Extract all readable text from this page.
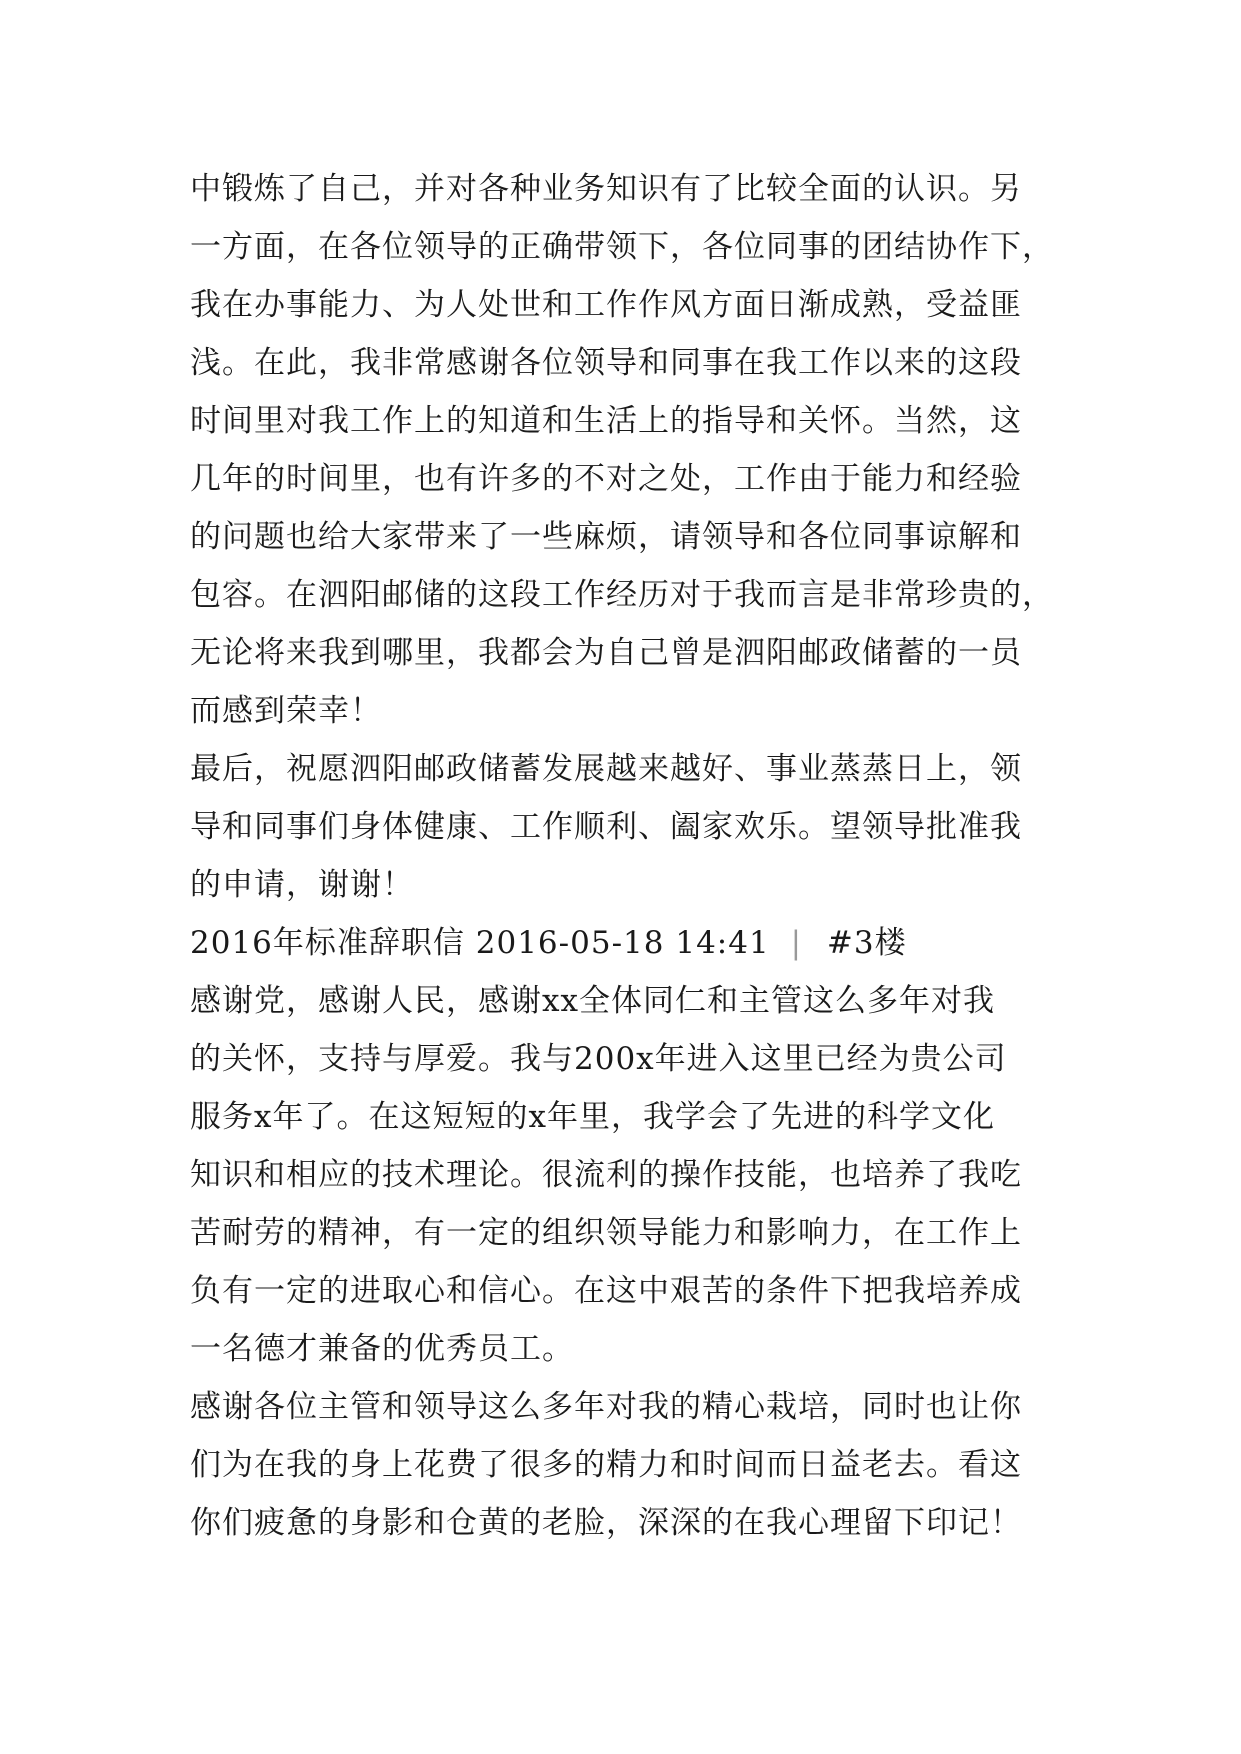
中锻炼了自己，并对各种业务知识有了比较全面的认识。另
一方面，在各位领导的正确带领下，各位同事的团结协作下，
我在办事能力、为人处世和工作作风方面日渐成熟，受益匪
浅。在此，我非常感谢各位领导和同事在我工作以来的这段
时间里对我工作上的知道和生活上的指导和关怀。当然，这
几年的时间里，也有许多的不对之处，工作由于能力和经验
的问题也给大家带来了一些麻烦，请领导和各位同事谅解和
包容。在泗阳邮储的这段工作经历对于我而言是非常珍贵的，
无论将来我到哪里，我都会为自己曾是泗阳邮政储蓄的一员
而感到荣幸！
最后，祝愿泗阳邮政储蓄发展越来越好、事业蒸蒸日上，领
导和同事们身体健康、工作顺利、阖家欢乐。望领导批准我
的申请，谢谢！
2016年标准辞职信 2016-05-18 14:41 | #3楼
感谢党，感谢人民，感谢xx全体同仁和主管这么多年对我
的关怀，支持与厚爱。我与200x年进入这里已经为贵公司
服务x年了。在这短短的x年里，我学会了先进的科学文化
知识和相应的技术理论。很流利的操作技能，也培养了我吃
苦耐劳的精神，有一定的组织领导能力和影响力，在工作上
负有一定的进取心和信心。在这中艰苦的条件下把我培养成
一名德才兼备的优秀员工。
感谢各位主管和领导这么多年对我的精心栽培，同时也让你
们为在我的身上花费了很多的精力和时间而日益老去。看这
你们疲惫的身影和仓黄的老脸，深深的在我心理留下印记！
